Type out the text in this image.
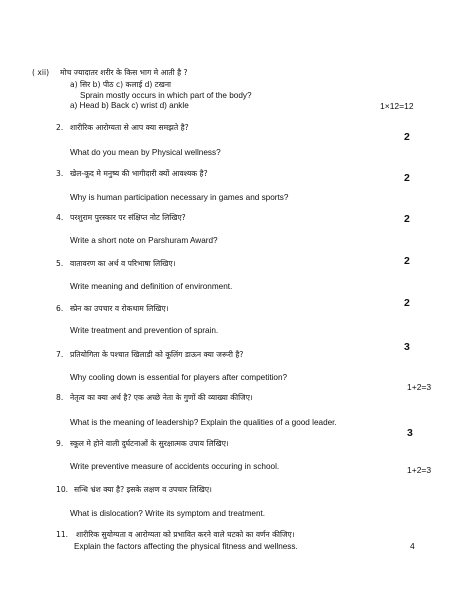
( xii) मोच ज्यादातर शरीर के किस भाग मे आती है ?
a) सिर b) पीठ c) कलाई d) टखना
Sprain mostly occurs in which part of the body?
a) Head b) Back c) wrist d) ankle	1×12=12
2. शारीरिक आरोग्यता से आप क्या समझते है?
What do you mean by Physical wellness?
2
3. खेल-कूद मे मनुष्य की भागीदारी क्यों आवश्यक है?
Why is human participation necessary in games and sports?
2
4. परशुराम पुरस्कार पर संक्षिप्त नोट लिखिए?
Write a short note on Parshuram Award?
2
5. वातावरण का अर्थ व परिभाषा लिखिए।
Write meaning and definition of environment.
2
6. स्प्रेन का उपचार व रोकथाम लिखिए।
Write treatment and prevention of sprain.
2
7. प्रतियोगिता के पश्चात खिलाडी को कूलिंग डाऊन क्या जरूरी है?
Why cooling down is essential for players after competition?
3
8. नेतृत्व का क्या अर्थ है? एक अच्छे नेता के गुणों की व्याख्या कीजिए।
What is the meaning of leadership? Explain the qualities of a good leader.
1+2=3
9. स्कूल मे होने वाली दुर्घटनाओं के सुरक्षात्मक उपाय लिखिए।
Write preventive measure of accidents occuring in school.
3
10. सन्धि भ्रंश क्या है? इसके लक्षण व उपचार लिखिए।
What is dislocation? Write its symptom and treatment.
1+2=3
11. शारीरिक सुयोग्यता व आरोग्यता को प्रभावित करने वाले घटको का वर्णन कीजिए।
Explain the factors affecting the physical fitness and wellness.	4
